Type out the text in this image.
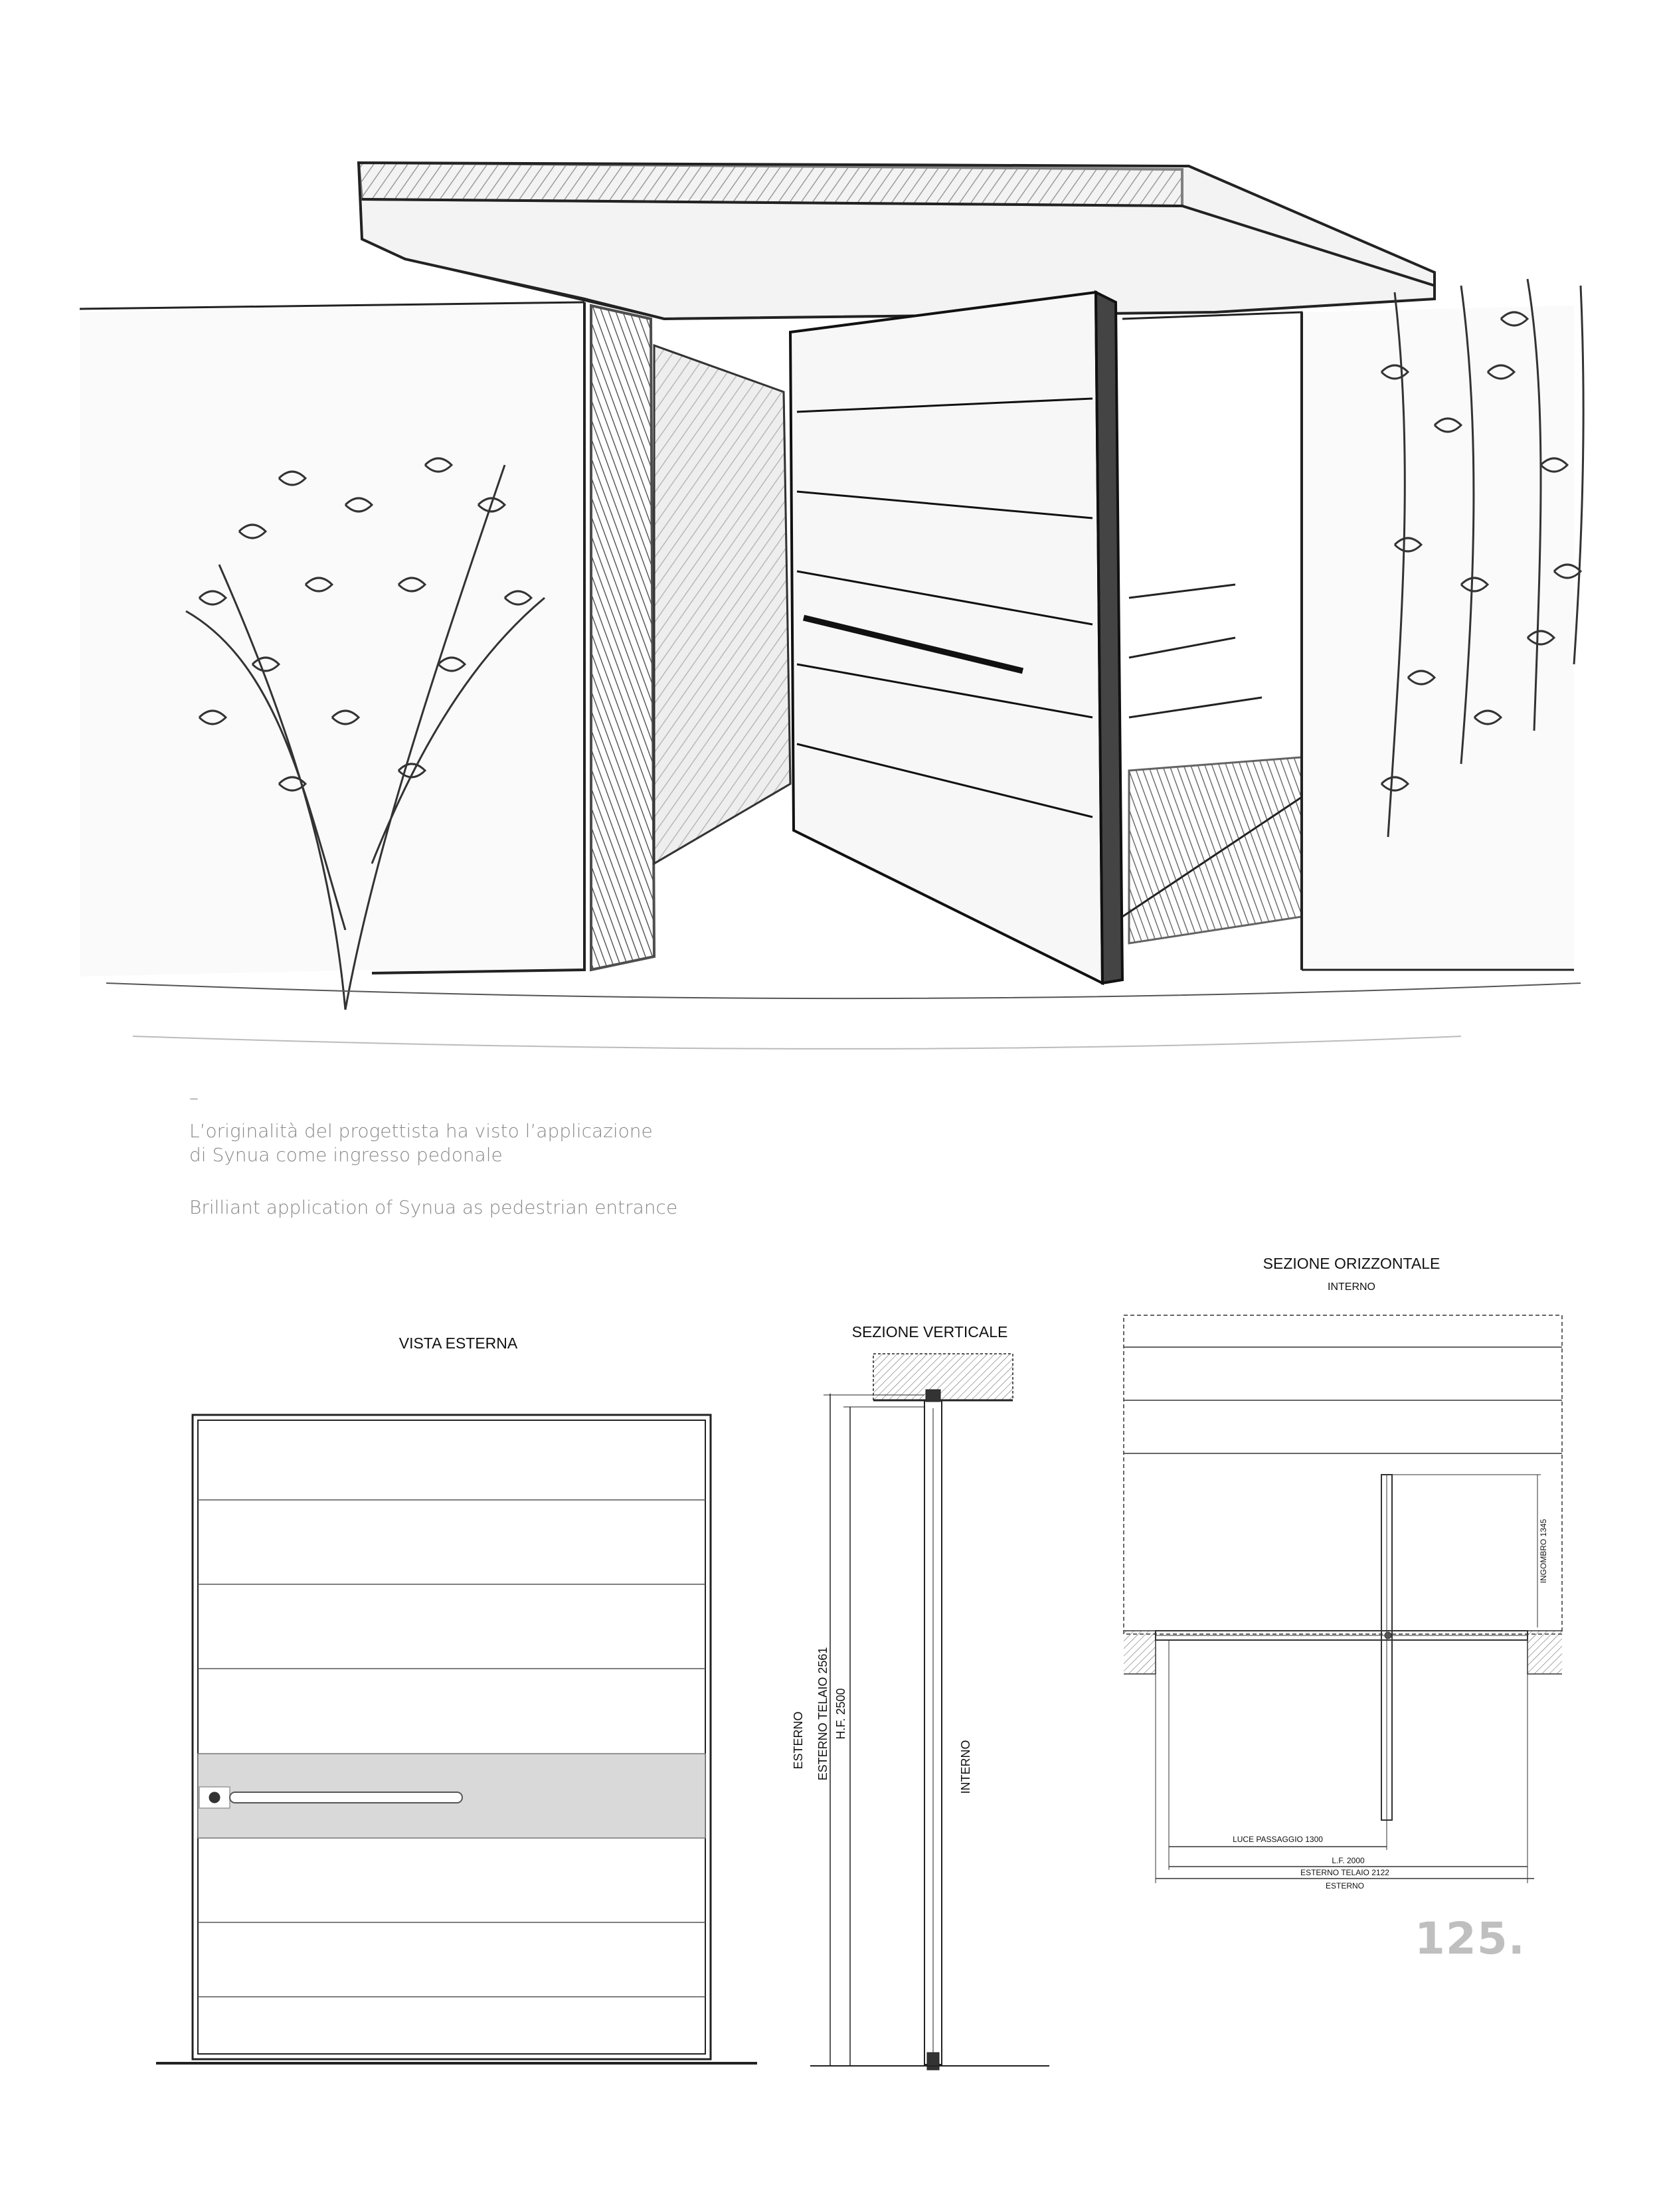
–
L’originalità del progettista ha visto l’applicazione di Synua come ingresso pedonale
Brilliant application of Synua as pedestrian entrance
VISTA ESTERNA
SEZIONE VERTICALE
ESTERNO ESTERNO TELAIO 2561 H.F. 2500
INTERNO
SEZIONE ORIZZONTALE
INTERNO
INGOMBRO 1345
LUCE PASSAGGIO 1300
L.F. 2000
ESTERNO TELAIO 2122
ESTERNO
125.
